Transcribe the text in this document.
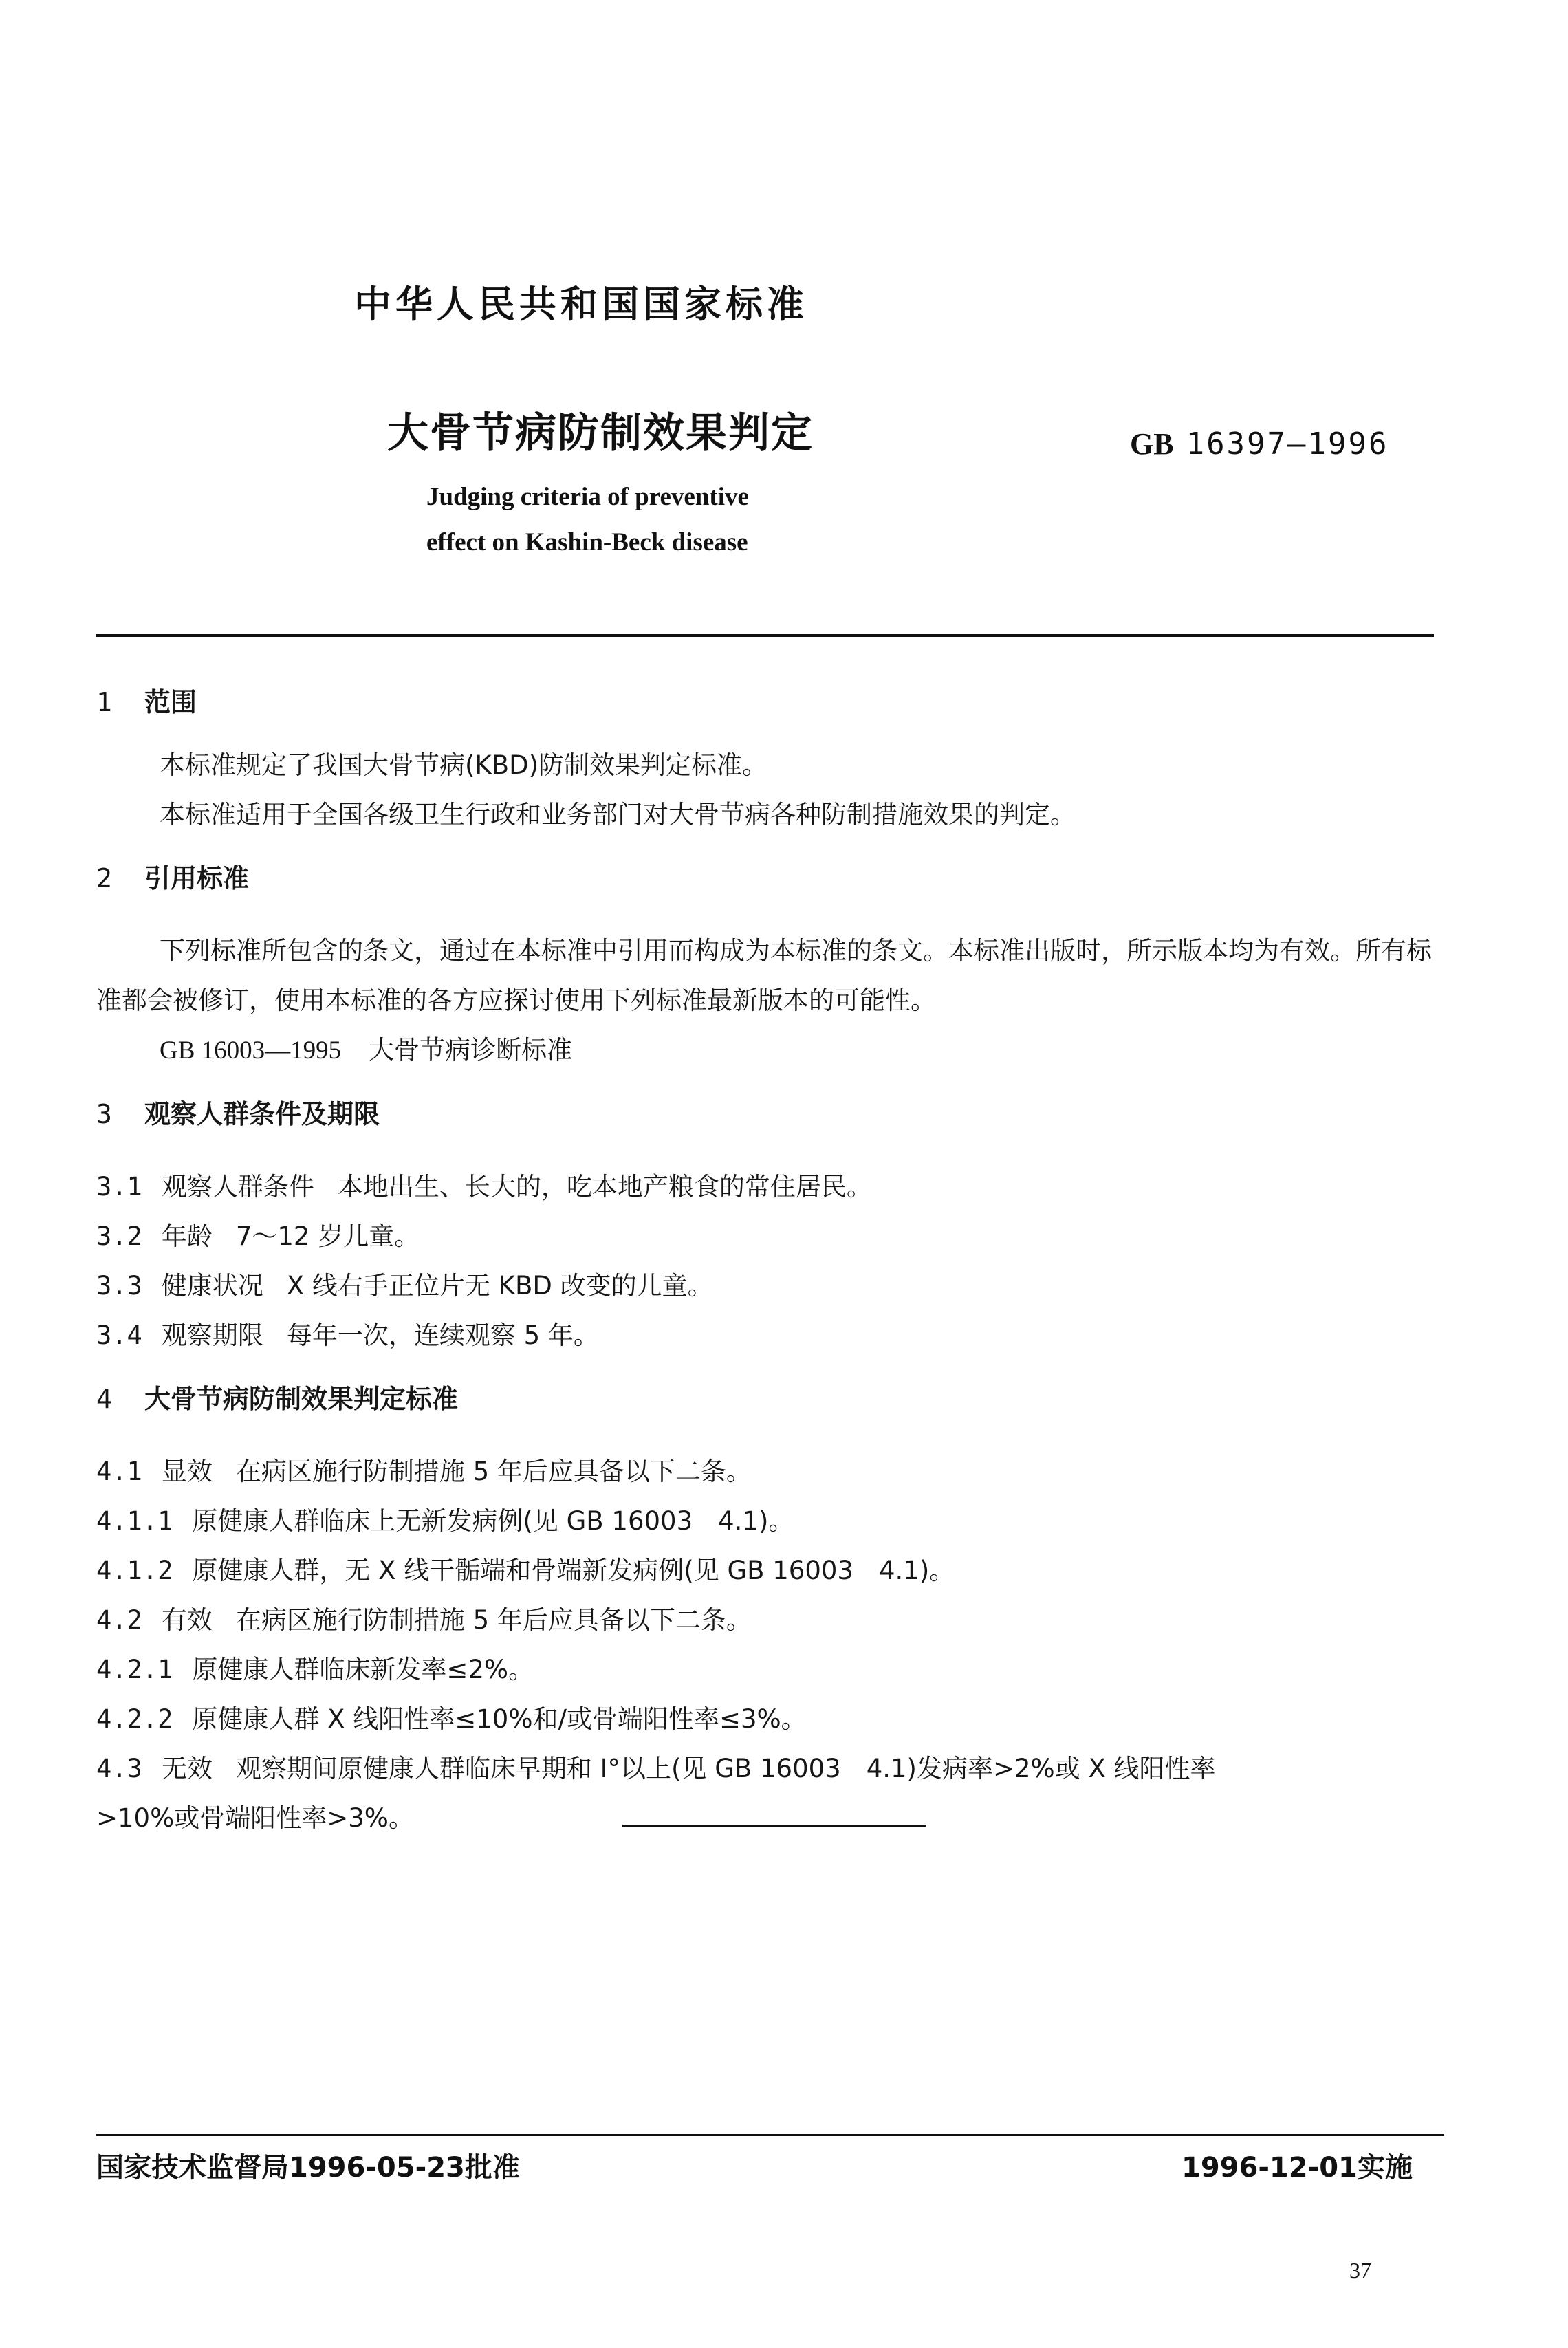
中华人民共和国国家标准
大骨节病防制效果判定	GB 16397—1996
Judging criteria of preventive
effect on Kashin-Beck disease
1 范围
本标准规定了我国大骨节病(KBD)防制效果判定标准。
本标准适用于全国各级卫生行政和业务部门对大骨节病各种防制措施效果的判定。
2 引用标准
下列标准所包含的条文，通过在本标准中引用而构成为本标准的条文。本标准出版时，所示版本均为有效。所有标准都会被修订，使用本标准的各方应探讨使用下列标准最新版本的可能性。
GB 16003—1995 大骨节病诊断标准
3 观察人群条件及期限
3.1 观察人群条件 本地出生、长大的，吃本地产粮食的常住居民。
3.2 年龄 7～12 岁儿童。
3.3 健康状况 X 线右手正位片无 KBD 改变的儿童。
3.4 观察期限 每年一次，连续观察 5 年。
4 大骨节病防制效果判定标准
4.1 显效 在病区施行防制措施 5 年后应具备以下二条。
4.1.1 原健康人群临床上无新发病例(见 GB 16003　4.1)。
4.1.2 原健康人群，无 X 线干骺端和骨端新发病例(见 GB 16003　4.1)。
4.2 有效 在病区施行防制措施 5 年后应具备以下二条。
4.2.1 原健康人群临床新发率≤2%。
4.2.2 原健康人群 X 线阳性率≤10%和/或骨端阳性率≤3%。
4.3 无效 观察期间原健康人群临床早期和 I°以上(见 GB 16003　4.1)发病率>2%或 X 线阳性率
>10%或骨端阳性率>3%。
国家技术监督局1996-05-23批准	1996-12-01实施
37
